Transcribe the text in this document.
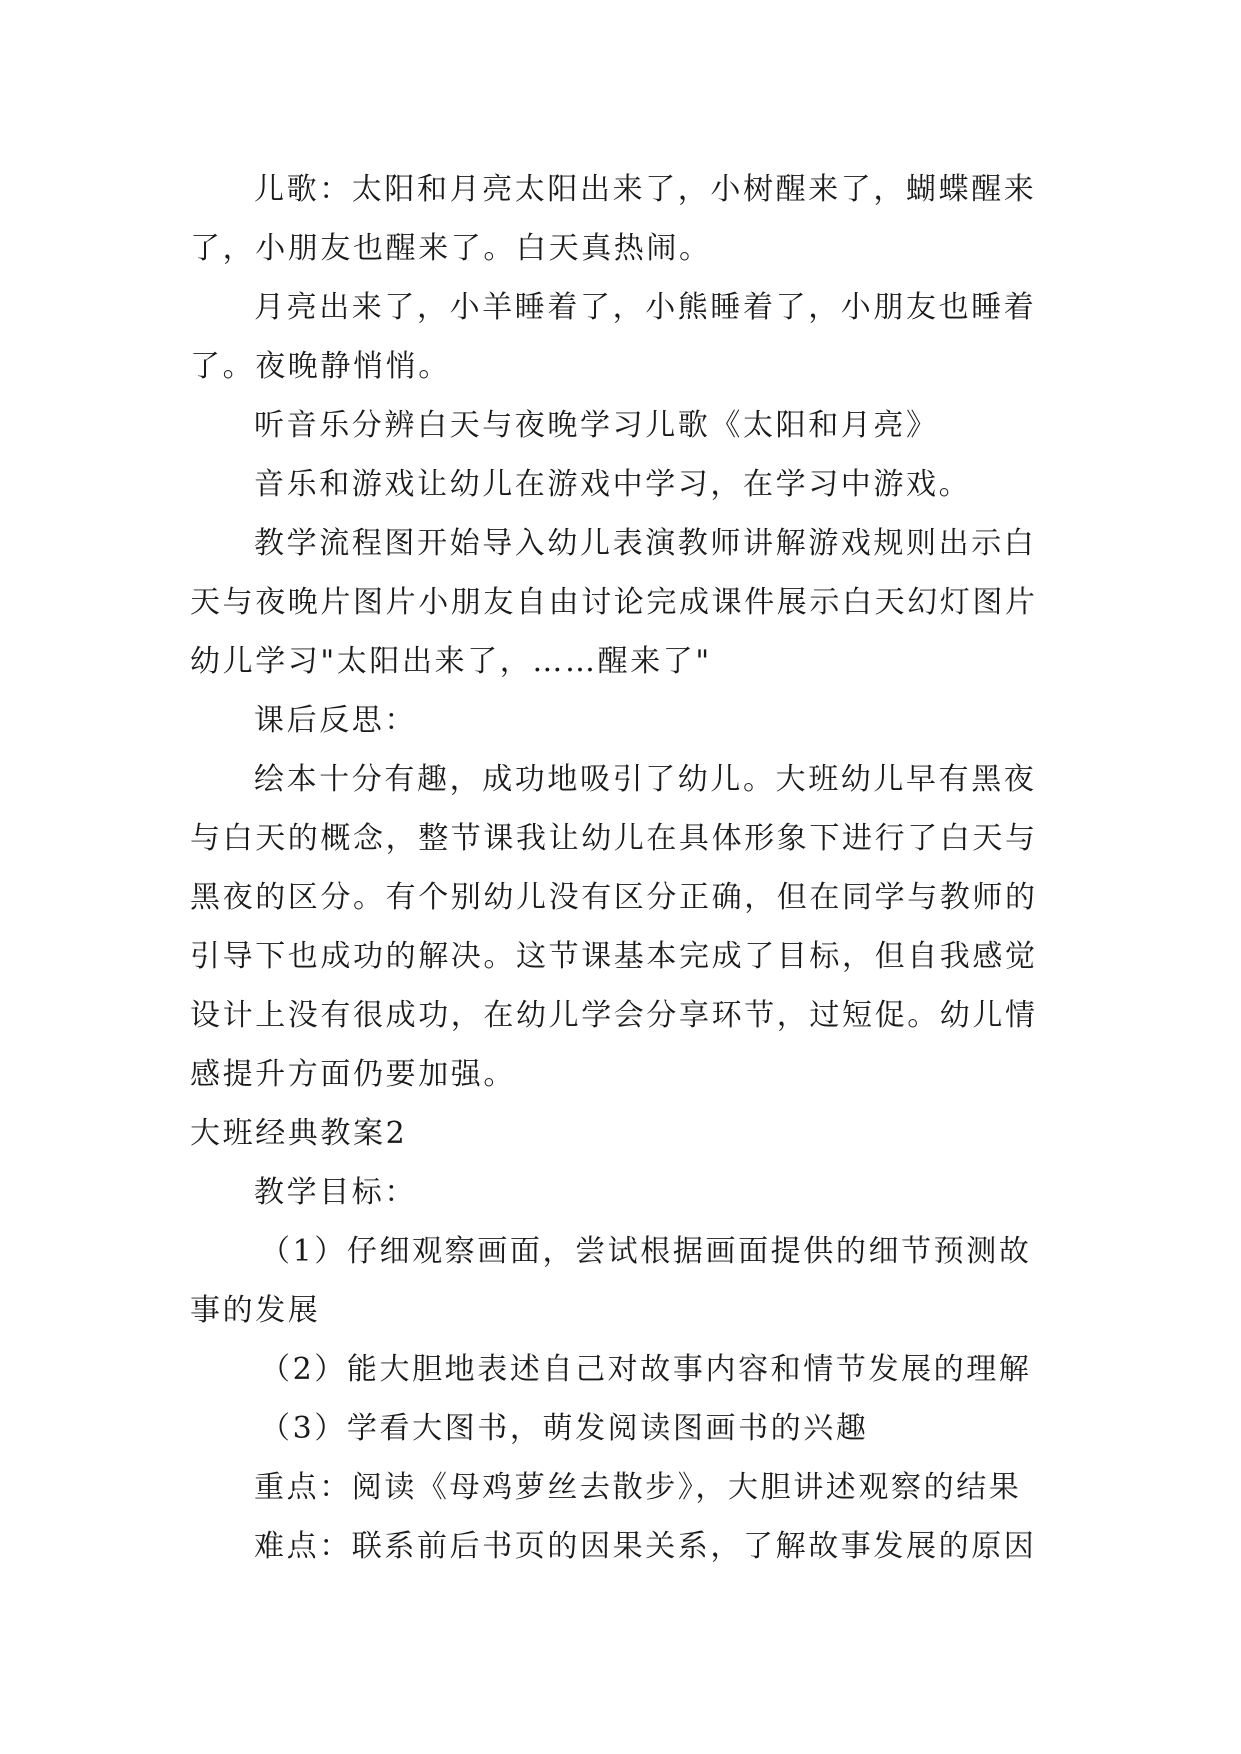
儿歌：太阳和月亮太阳出来了，小树醒来了，蝴蝶醒来了，小朋友也醒来了。白天真热闹。

月亮出来了，小羊睡着了，小熊睡着了，小朋友也睡着了。夜晚静悄悄。

听音乐分辨白天与夜晚学习儿歌《太阳和月亮》

音乐和游戏让幼儿在游戏中学习，在学习中游戏。

教学流程图开始导入幼儿表演教师讲解游戏规则出示白天与夜晚片图片小朋友自由讨论完成课件展示白天幻灯图片幼儿学习"太阳出来了，……醒来了"

课后反思：

绘本十分有趣，成功地吸引了幼儿。大班幼儿早有黑夜与白天的概念，整节课我让幼儿在具体形象下进行了白天与黑夜的区分。有个别幼儿没有区分正确，但在同学与教师的引导下也成功的解决。这节课基本完成了目标，但自我感觉设计上没有很成功，在幼儿学会分享环节，过短促。幼儿情感提升方面仍要加强。

大班经典教案2

教学目标：

（1）仔细观察画面，尝试根据画面提供的细节预测故事的发展

（2）能大胆地表述自己对故事内容和情节发展的理解

（3）学看大图书，萌发阅读图画书的兴趣

重点：阅读《母鸡萝丝去散步》，大胆讲述观察的结果

难点：联系前后书页的因果关系，了解故事发展的原因
